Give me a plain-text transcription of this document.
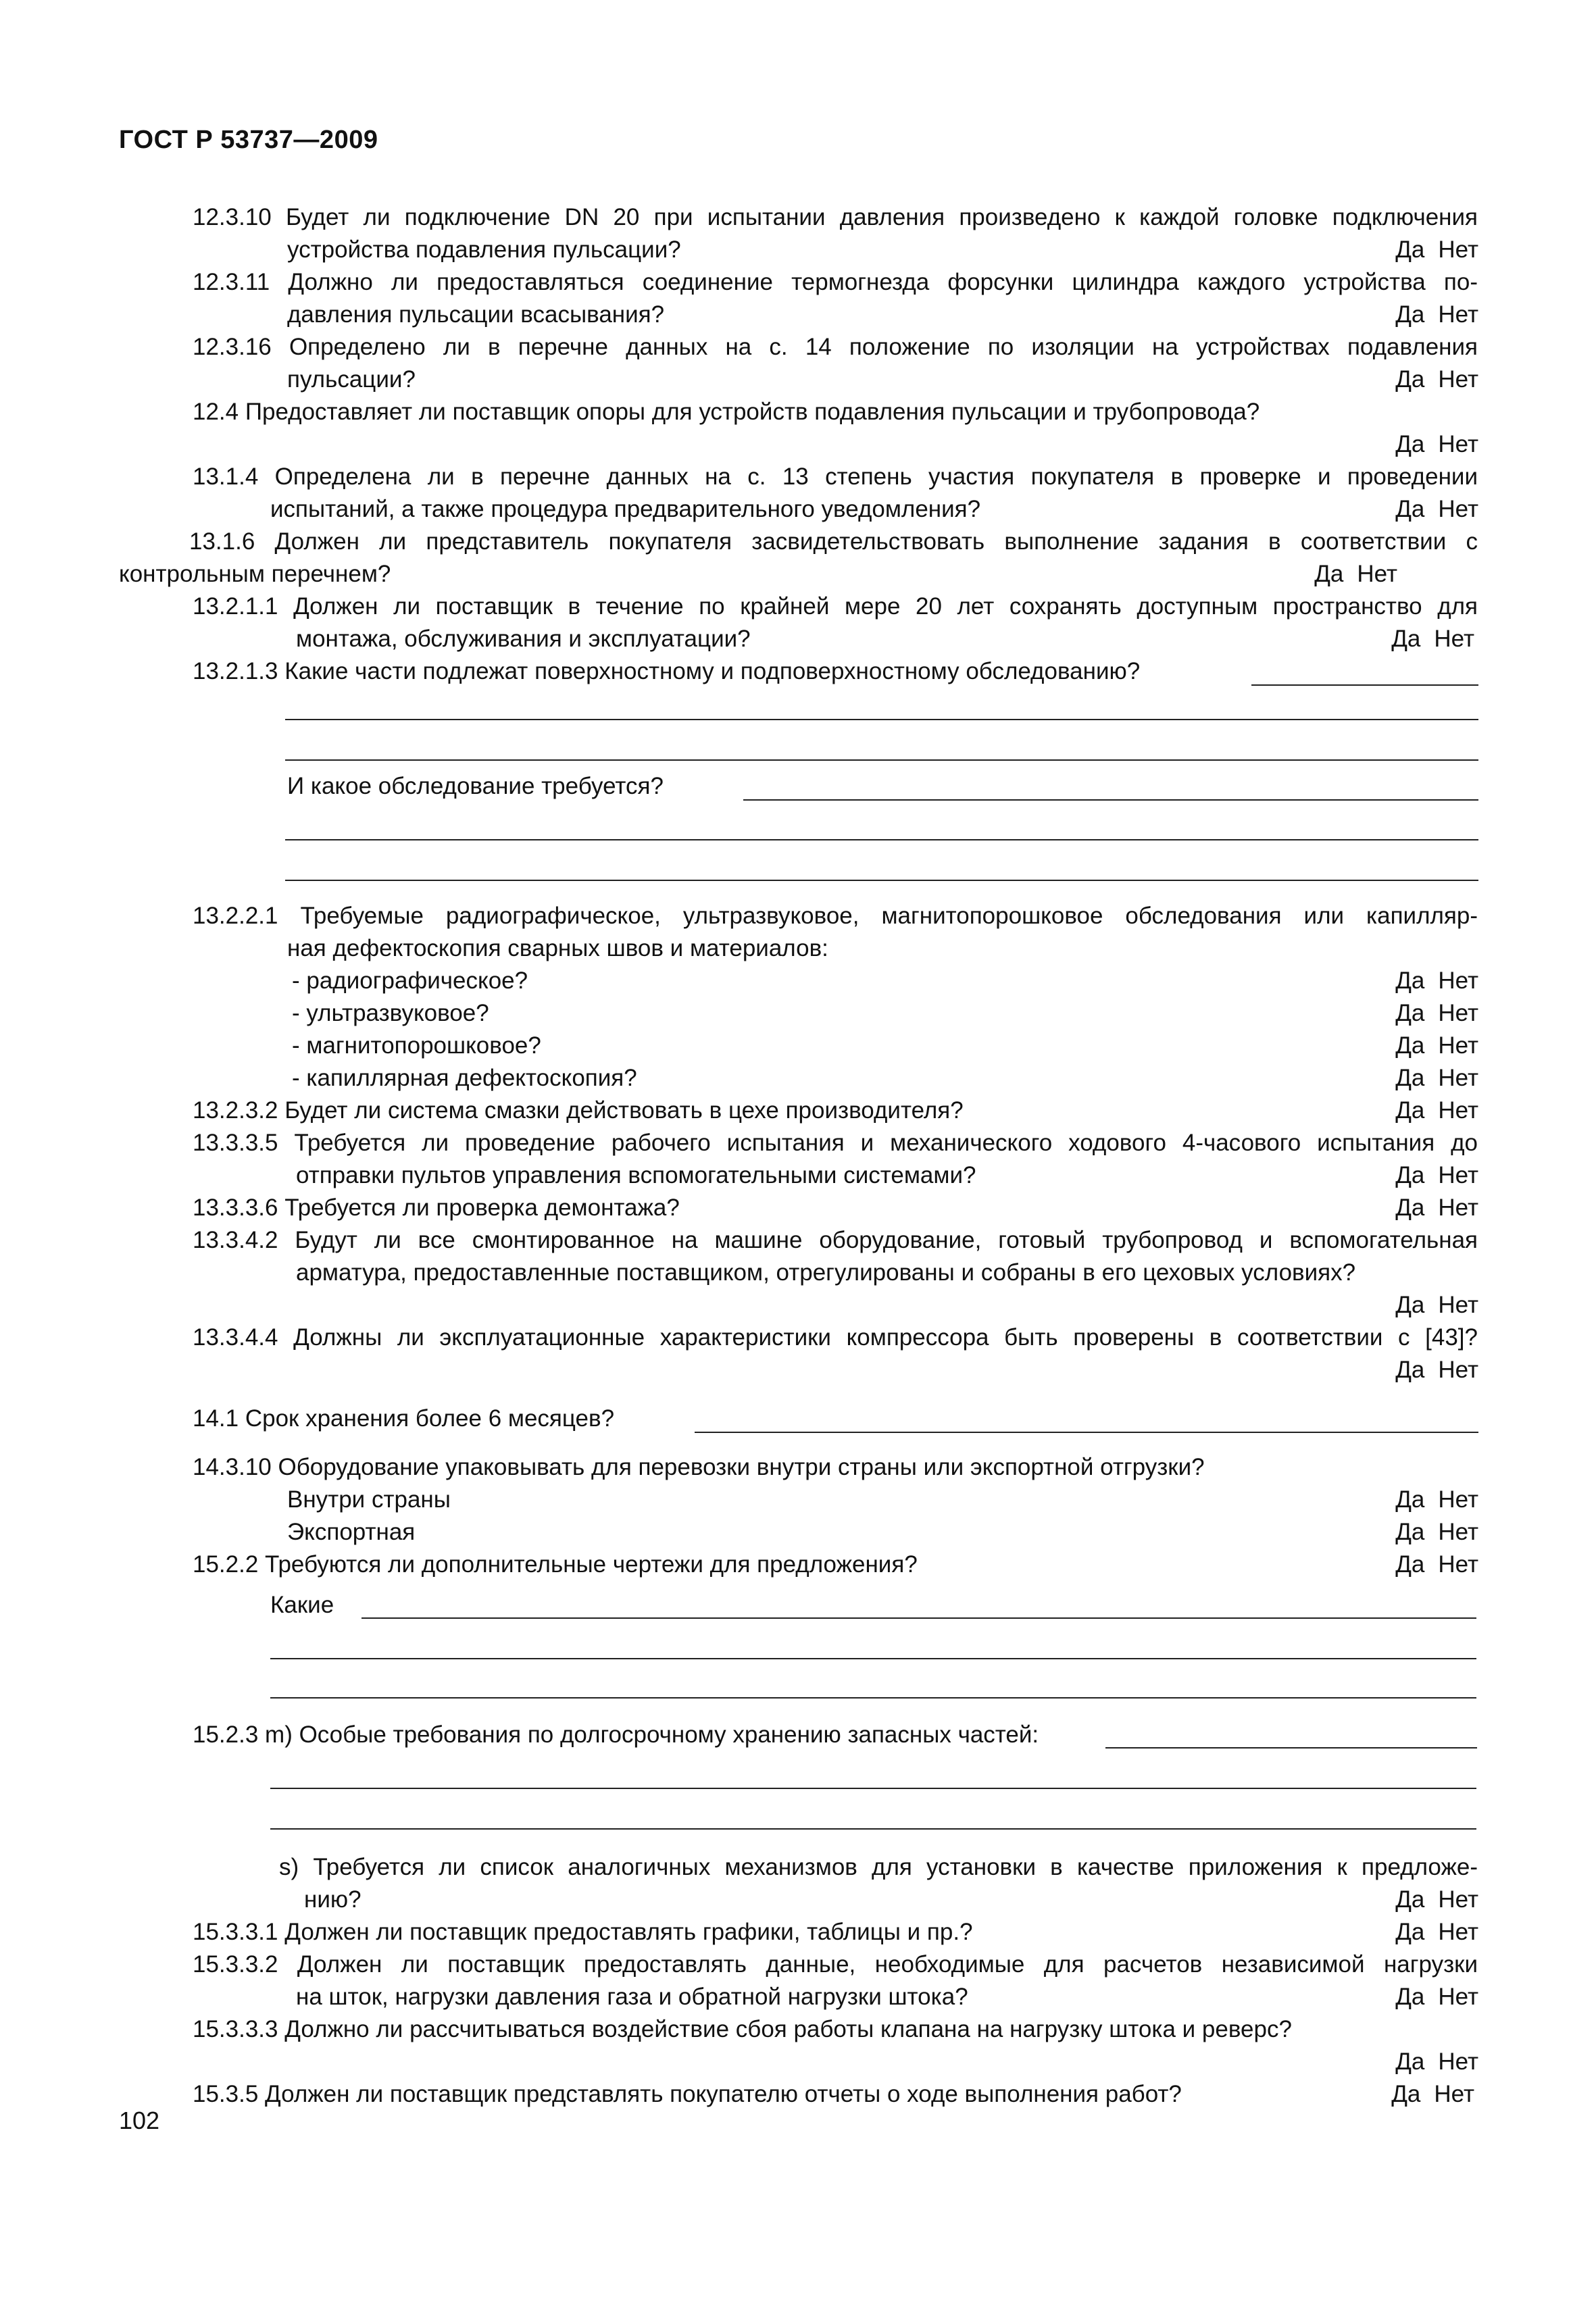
ГОСТ Р 53737—2009
12.3.10 Будет ли подключение DN 20 при испытании давления произведено к каждой головке подключения
устройства подавления пульсации?	Да Нет
12.3.11 Должно ли предоставляться соединение термогнезда форсунки цилиндра каждого устройства по-
давления пульсации всасывания?	Да Нет
12.3.16 Определено ли в перечне данных на с. 14 положение по изоляции на устройствах подавления
пульсации?	Да Нет
12.4 Предоставляет ли поставщик опоры для устройств подавления пульсации и трубопровода?
Да Нет
13.1.4 Определена ли в перечне данных на с. 13 степень участия покупателя в проверке и проведении
испытаний, а также процедура предварительного уведомления?	Да Нет
13.1.6 Должен ли представитель покупателя засвидетельствовать выполнение задания в соответствии с
контрольным перечнем?	Да Нет
13.2.1.1 Должен ли поставщик в течение по крайней мере 20 лет сохранять доступным пространство для
монтажа, обслуживания и эксплуатации?	Да Нет
13.2.1.3 Какие части подлежат поверхностному и подповерхностному обследованию?
И какое обследование требуется?
13.2.2.1 Требуемые радиографическое, ультразвуковое, магнитопорошковое обследования или капилляр-
ная дефектоскопия сварных швов и материалов:
- радиографическое?	Да Нет
- ультразвуковое?	Да Нет
- магнитопорошковое?	Да Нет
- капиллярная дефектоскопия?	Да Нет
13.2.3.2 Будет ли система смазки действовать в цехе производителя?	Да Нет
13.3.3.5 Требуется ли проведение рабочего испытания и механического ходового 4-часового испытания до
отправки пультов управления вспомогательными системами?	Да Нет
13.3.3.6 Требуется ли проверка демонтажа?	Да Нет
13.3.4.2 Будут ли все смонтированное на машине оборудование, готовый трубопровод и вспомогательная
арматура, предоставленные поставщиком, отрегулированы и собраны в его цеховых условиях?
Да Нет
13.3.4.4 Должны ли эксплуатационные характеристики компрессора быть проверены в соответствии с [43]?
Да Нет
14.1 Срок хранения более 6 месяцев?
14.3.10 Оборудование упаковывать для перевозки внутри страны или экспортной отгрузки?
Внутри страны	Да Нет
Экспортная	Да Нет
15.2.2 Требуются ли дополнительные чертежи для предложения?	Да Нет
Какие
15.2.3 m) Особые требования по долгосрочному хранению запасных частей:
s) Требуется ли список аналогичных механизмов для установки в качестве приложения к предложе-
нию?	Да Нет
15.3.3.1 Должен ли поставщик предоставлять графики, таблицы и пр.?	Да Нет
15.3.3.2 Должен ли поставщик предоставлять данные, необходимые для расчетов независимой нагрузки
на шток, нагрузки давления газа и обратной нагрузки штока?	Да Нет
15.3.3.3 Должно ли рассчитываться воздействие сбоя работы клапана на нагрузку штока и реверс?
Да Нет
15.3.5 Должен ли поставщик представлять покупателю отчеты о ходе выполнения работ?	Да Нет
102
